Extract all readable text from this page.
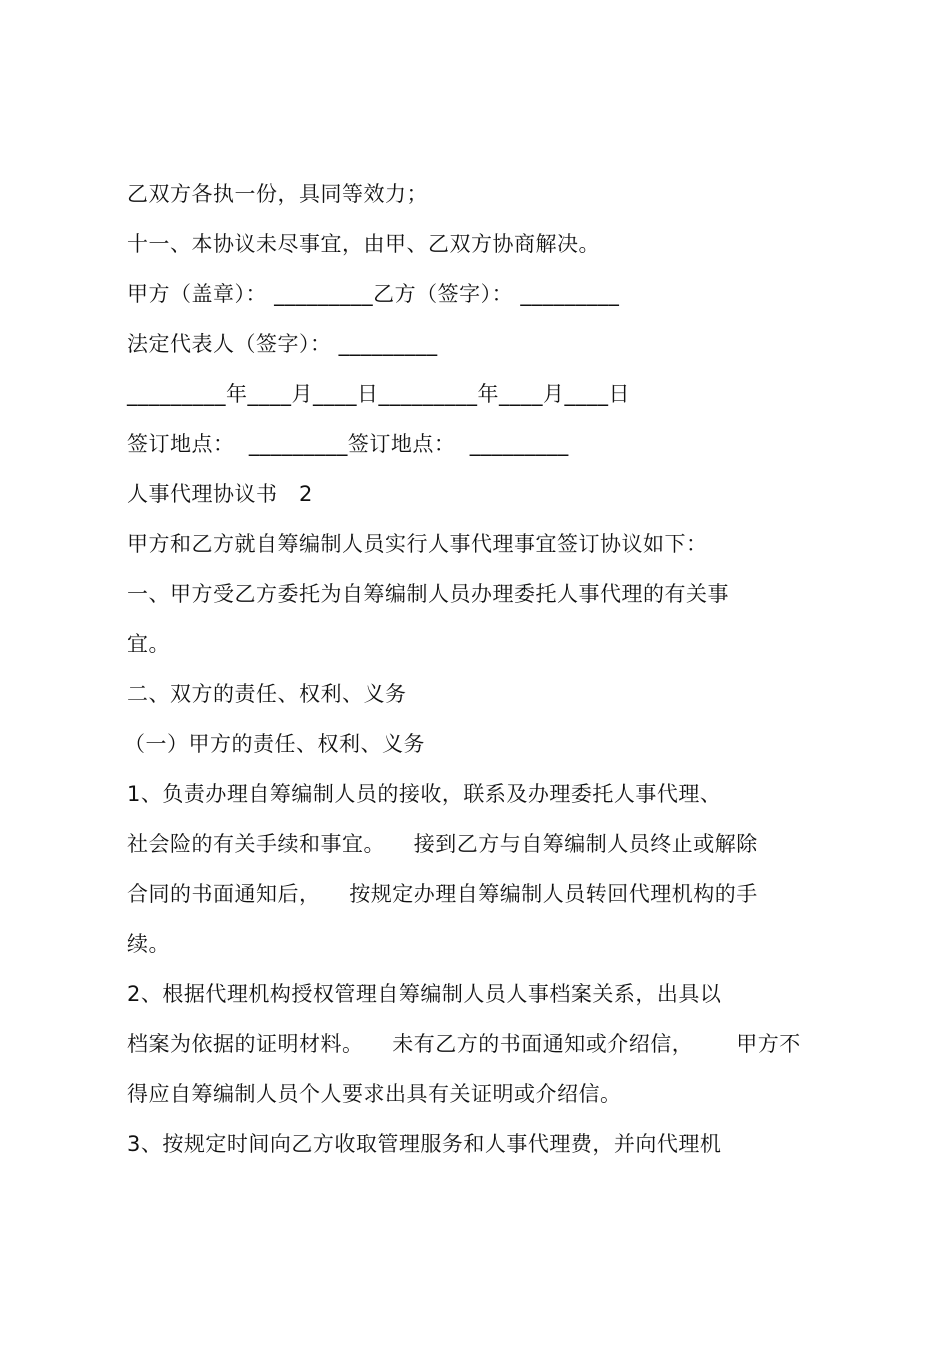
乙双方各执一份，具同等效力；
十一、本协议未尽事宜，由甲、乙双方协商解决。
甲方（盖章）： _________乙方（签字）： _________
法定代表人（签字）： _________
_________年____月____日_________年____月____日
签订地点：  _________签订地点：  _________
人事代理协议书   2
甲方和乙方就自筹编制人员实行人事代理事宜签订协议如下：
一、甲方受乙方委托为自筹编制人员办理委托人事代理的有关事
宜。
二、双方的责任、权利、义务
（一）甲方的责任、权利、义务
1、负责办理自筹编制人员的接收，联系及办理委托人事代理、
社会险的有关手续和事宜。    接到乙方与自筹编制人员终止或解除
合同的书面通知后，    按规定办理自筹编制人员转回代理机构的手
续。
2、根据代理机构授权管理自筹编制人员人事档案关系，出具以
档案为依据的证明材料。    未有乙方的书面通知或介绍信，      甲方不
得应自筹编制人员个人要求出具有关证明或介绍信。
3、按规定时间向乙方收取管理服务和人事代理费，并向代理机
